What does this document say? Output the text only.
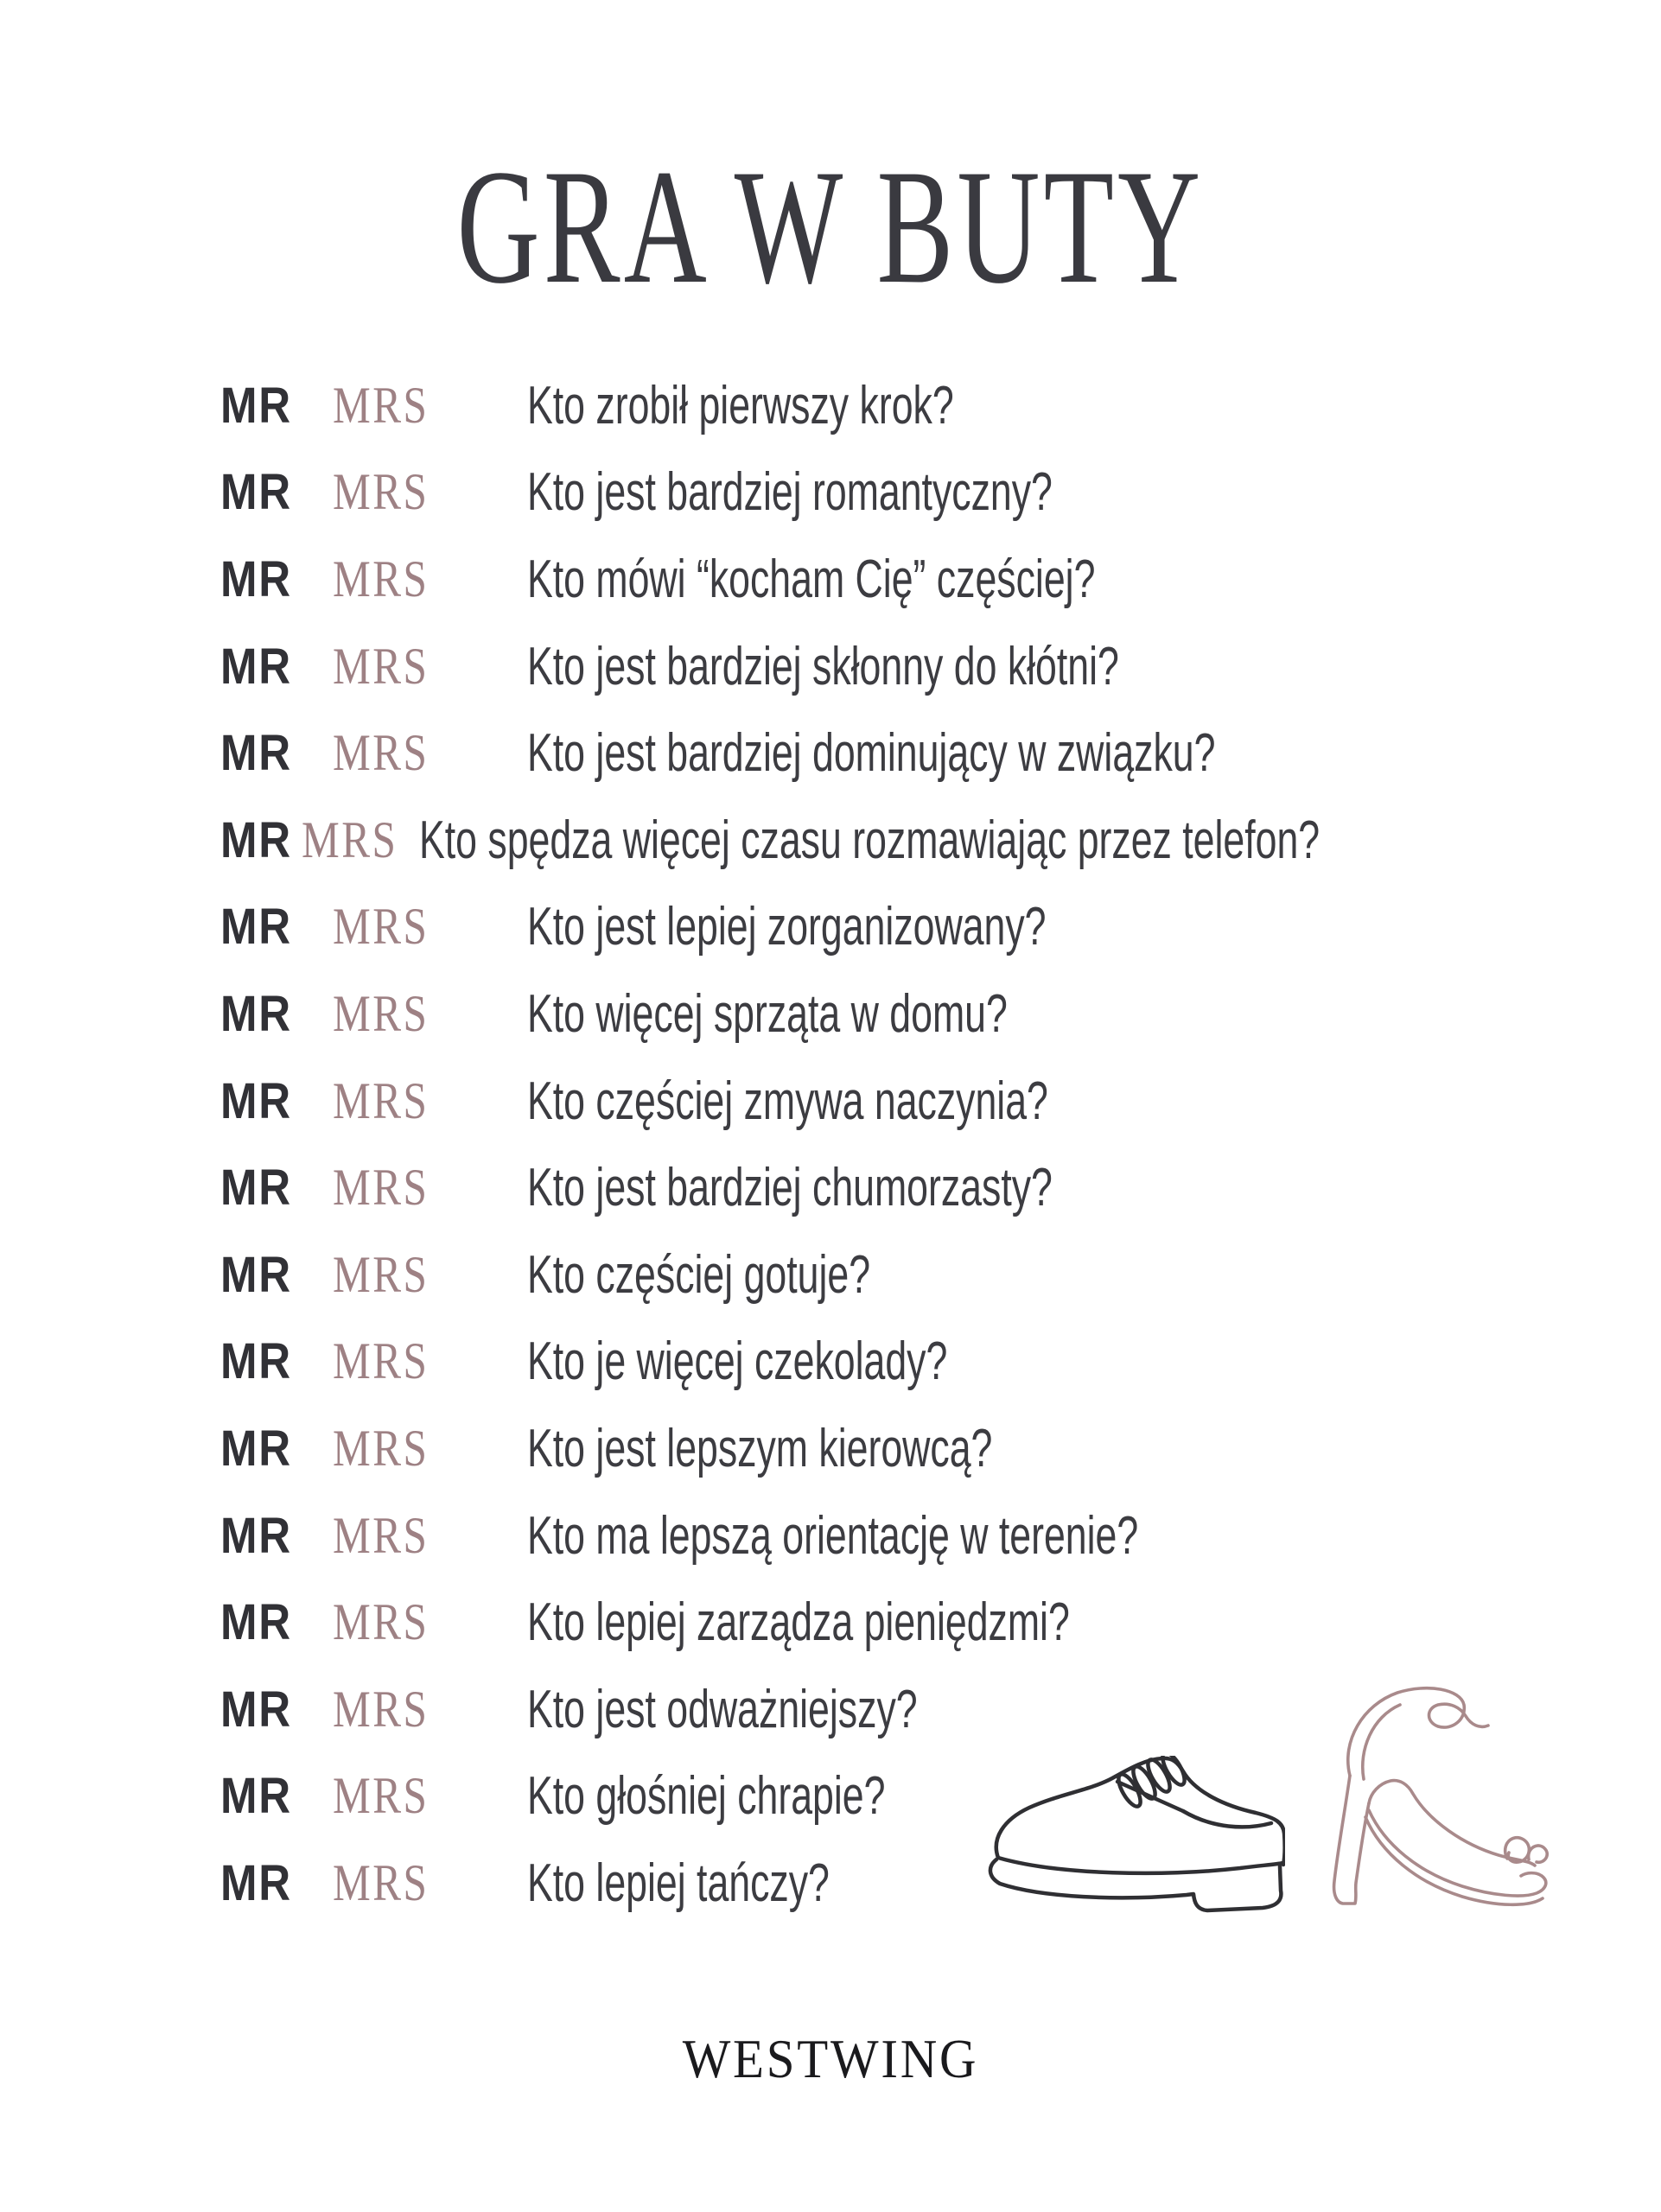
GRA W BUTY
MR MRS	Kto zrobił pierwszy krok?
MR MRS	Kto jest bardziej romantyczny?
MR MRS	Kto mówi “kocham Cię” częściej?
MR MRS	Kto jest bardziej skłonny do kłótni?
MR MRS	Kto jest bardziej dominujący w związku?
MR MRS Kto spędza więcej czasu rozmawiając przez telefon?
MR MRS	Kto jest lepiej zorganizowany?
MR MRS	Kto więcej sprząta w domu?
MR MRS	Kto częściej zmywa naczynia?
MR MRS	Kto jest bardziej chumorzasty?
MR MRS	Kto częściej gotuje?
MR MRS	Kto je więcej czekolady?
MR MRS	Kto jest lepszym kierowcą?
MR MRS	Kto ma lepszą orientację w terenie?
MR MRS	Kto lepiej zarządza pieniędzmi?
MR MRS	Kto jest odważniejszy?
MR MRS	Kto głośniej chrapie?
MR MRS	Kto lepiej tańczy?
WESTWING
